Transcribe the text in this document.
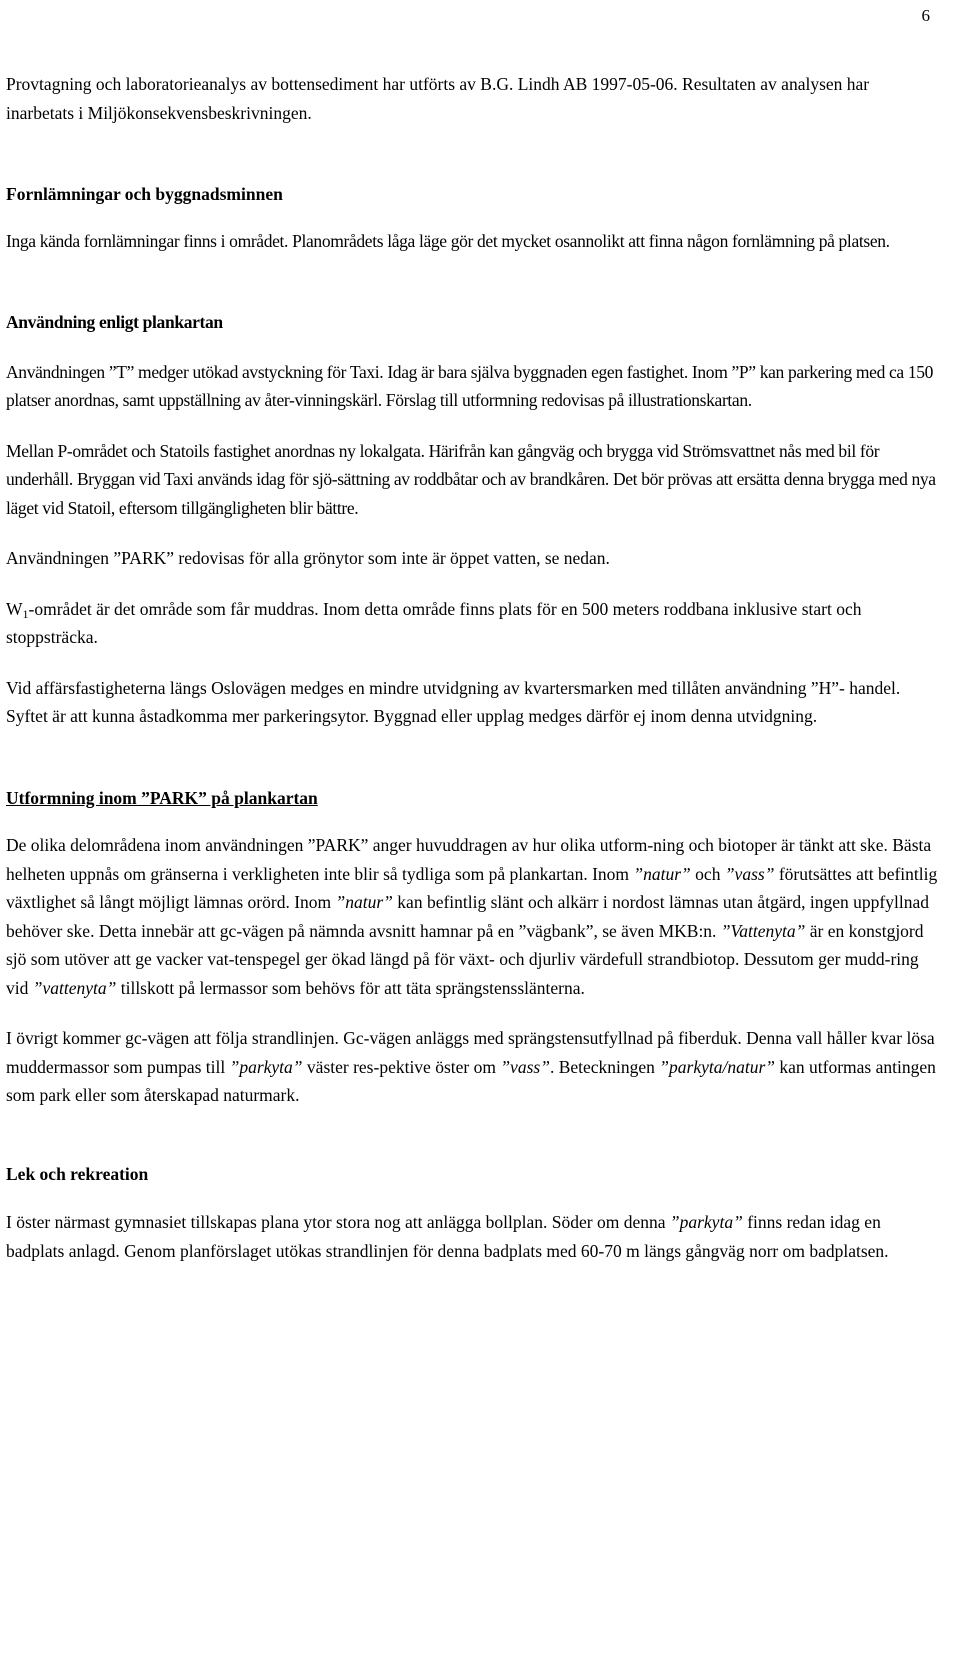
6

Provtagning och laboratorieanalys av bottensediment har utförts av B.G. Lindh AB 1997-05-06. Resultaten av analysen har inarbetats i Miljökonsekvensbeskrivningen.

Fornlämningar och byggnadsminnen

Inga kända fornlämningar finns i området. Planområdets låga läge gör det mycket osannolikt att finna någon fornlämning på platsen.

Användning enligt plankartan

Användningen ”T” medger utökad avstyckning för Taxi. Idag är bara själva byggnaden egen fastighet. Inom ”P” kan parkering med ca 150 platser anordnas, samt uppställning av åter-vinningskärl. Förslag till utformning redovisas på illustrationskartan.

Mellan P-området och Statoils fastighet anordnas ny lokalgata. Härifrån kan gångväg och brygga vid Strömsvattnet nås med bil för underhåll. Bryggan vid Taxi används idag för sjö-sättning av roddbåtar och av brandkåren. Det bör prövas att ersätta denna brygga med nya läget vid Statoil, eftersom tillgängligheten blir bättre.

Användningen ”PARK” redovisas för alla grönytor som inte är öppet vatten, se nedan.

$W_1$-området är det område som får muddras. Inom detta område finns plats för en 500 meters roddbana inklusive start och stoppsträcka.

Vid affärsfastigheterna längs Oslovägen medges en mindre utvidgning av kvartersmarken med tillåten användning ”H”- handel. Syftet är att kunna åstadkomma mer parkeringsytor. Byggnad eller upplag medges därför ej inom denna utvidgning.

Utformning inom ”PARK” på plankartan

De olika delområdena inom användningen ”PARK” anger huvuddragen av hur olika utform-ning och biotoper är tänkt att ske. Bästa helheten uppnås om gränserna i verkligheten inte blir så tydliga som på plankartan. Inom ”natur” och ”vass” förutsättes att befintlig växtlighet så långt möjligt lämnas orörd. Inom ”natur” kan befintlig slänt och alkärr i nordost lämnas utan åtgärd, ingen uppfyllnad behöver ske. Detta innebär att gc-vägen på nämnda avsnitt hamnar på en ”vägbank”, se även MKB:n. ”Vattenyta” är en konstgjord sjö som utöver att ge vacker vat-tenspegel ger ökad längd på för växt- och djurliv värdefull strandbiotop. Dessutom ger mudd-ring vid ”vattenyta” tillskott på lermassor som behövs för att täta sprängstensslänterna.

I övrigt kommer gc-vägen att följa strandlinjen. Gc-vägen anläggs med sprängstensutfyllnad på fiberduk. Denna vall håller kvar lösa muddermassor som pumpas till ”parkyta” väster res-pektive öster om ”vass”. Beteckningen ”parkyta/natur” kan utformas antingen som park eller som återskapad naturmark.

Lek och rekreation

I öster närmast gymnasiet tillskapas plana ytor stora nog att anlägga bollplan. Söder om denna ”parkyta” finns redan idag en badplats anlagd. Genom planförslaget utökas strandlinjen för denna badplats med 60-70 m längs gångväg norr om badplatsen.
